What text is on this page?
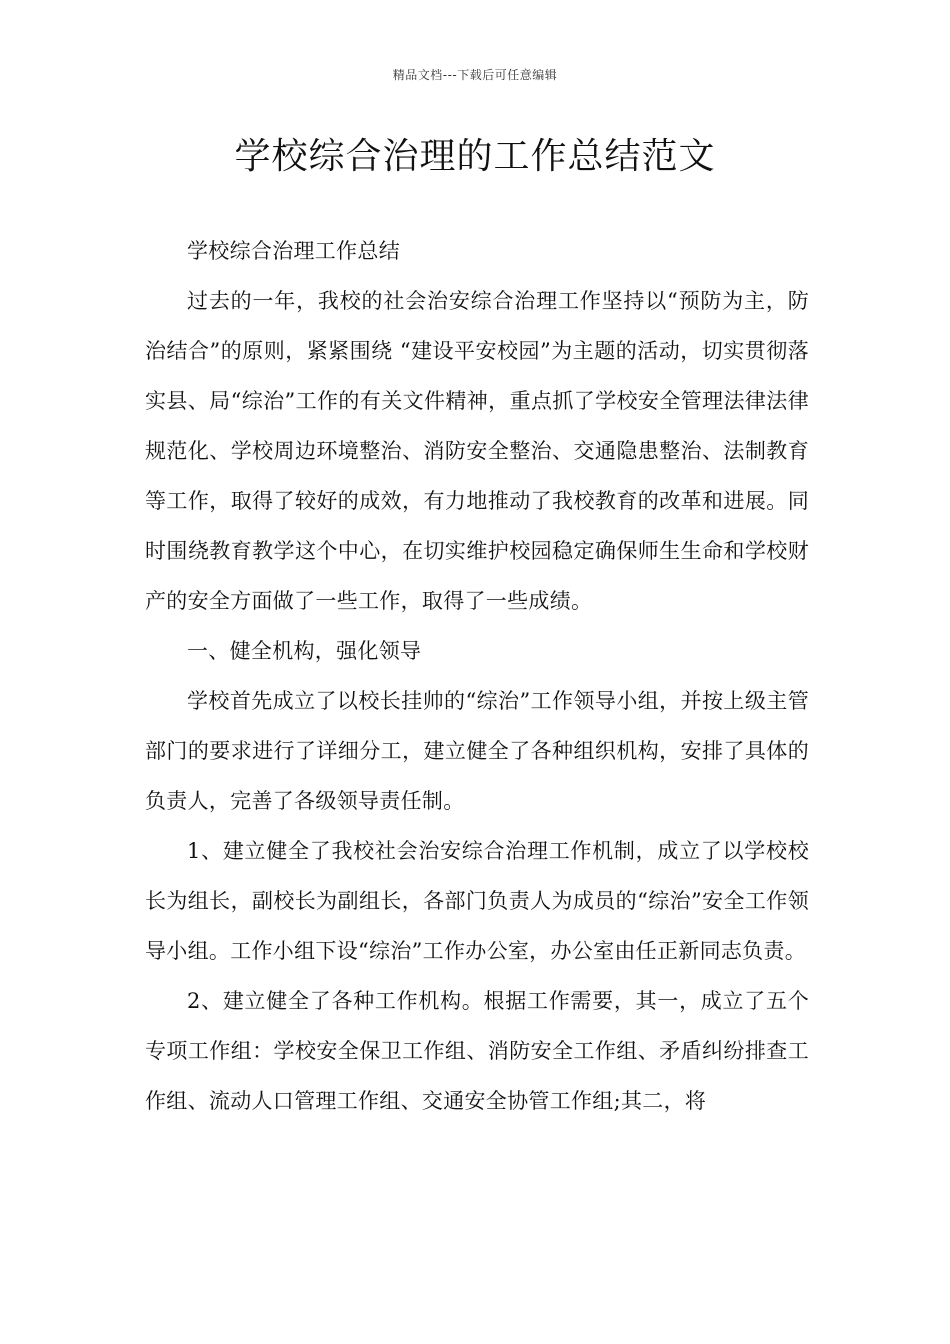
精品文档---下载后可任意编辑
学校综合治理的工作总结范文

学校综合治理工作总结

过去的一年，我校的社会治安综合治理工作坚持以“预防为主，防治结合”的原则，紧紧围绕 “建设平安校园”为主题的活动，切实贯彻落实县、局“综治”工作的有关文件精神，重点抓了学校安全管理法律法律规范化、学校周边环境整治、消防安全整治、交通隐患整治、法制教育等工作，取得了较好的成效，有力地推动了我校教育的改革和进展。同时围绕教育教学这个中心，在切实维护校园稳定确保师生生命和学校财产的安全方面做了一些工作，取得了一些成绩。

一、健全机构，强化领导

学校首先成立了以校长挂帅的“综治”工作领导小组，并按上级主管部门的要求进行了详细分工，建立健全了各种组织机构，安排了具体的负责人，完善了各级领导责任制。

1、建立健全了我校社会治安综合治理工作机制，成立了以学校校长为组长，副校长为副组长，各部门负责人为成员的“综治”安全工作领导小组。工作小组下设“综治”工作办公室，办公室由任正新同志负责。

2、建立健全了各种工作机构。根据工作需要，其一，成立了五个专项工作组：学校安全保卫工作组、消防安全工作组、矛盾纠纷排查工作组、流动人口管理工作组、交通安全协管工作组;其二，将
